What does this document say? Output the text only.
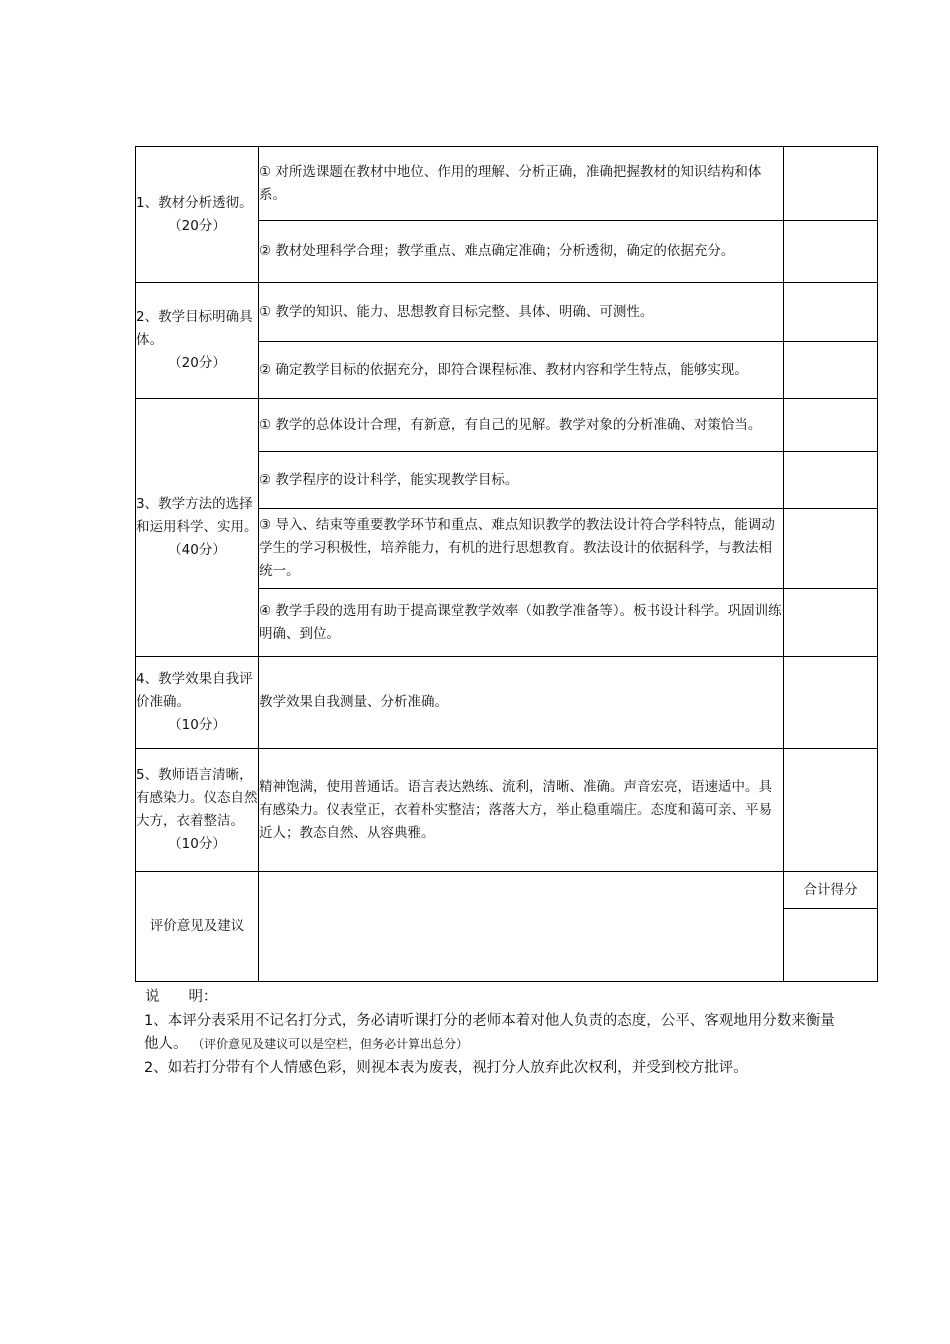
1、教材分析透彻。
（20分）	① 对所选课题在教材中地位、作用的理解、分析正确，准确把握教材的知识结构和体系。	
	② 教材处理科学合理；教学重点、难点确定准确；分析透彻，确定的依据充分。	
2、教学目标明确具体。
（20分）	① 教学的知识、能力、思想教育目标完整、具体、明确、可测性。	
	② 确定教学目标的依据充分，即符合课程标准、教材内容和学生特点，能够实现。	
3、教学方法的选择和运用科学、实用。
（40分）	① 教学的总体设计合理，有新意，有自己的见解。教学对象的分析准确、对策恰当。	
	② 教学程序的设计科学，能实现教学目标。	
	③ 导入、结束等重要教学环节和重点、难点知识教学的教法设计符合学科特点，能调动学生的学习积极性，培养能力，有机的进行思想教育。教法设计的依据科学，与教法相统一。	
	④ 教学手段的选用有助于提高课堂教学效率（如教学准备等）。板书设计科学。巩固训练明确、到位。	
4、教学效果自我评价准确。
（10分）	教学效果自我测量、分析准确。	
5、教师语言清晰，有感染力。仪态自然大方，衣着整洁。
（10分）	精神饱满，使用普通话。语言表达熟练、流利，清晰、准确。声音宏亮，语速适中。具有感染力。仪表堂正，衣着朴实整洁；落落大方，举止稳重端庄。态度和蔼可亲、平易近人；教态自然、从容典雅。	
评价意见及建议		合计得分

说　　明：
1、本评分表采用不记名打分式，务必请听课打分的老师本着对他人负责的态度，公平、客观地用分数来衡量他人。 （评价意见及建议可以是空栏，但务必计算出总分）
2、如若打分带有个人情感色彩，则视本表为废表，视打分人放弃此次权利，并受到校方批评。
